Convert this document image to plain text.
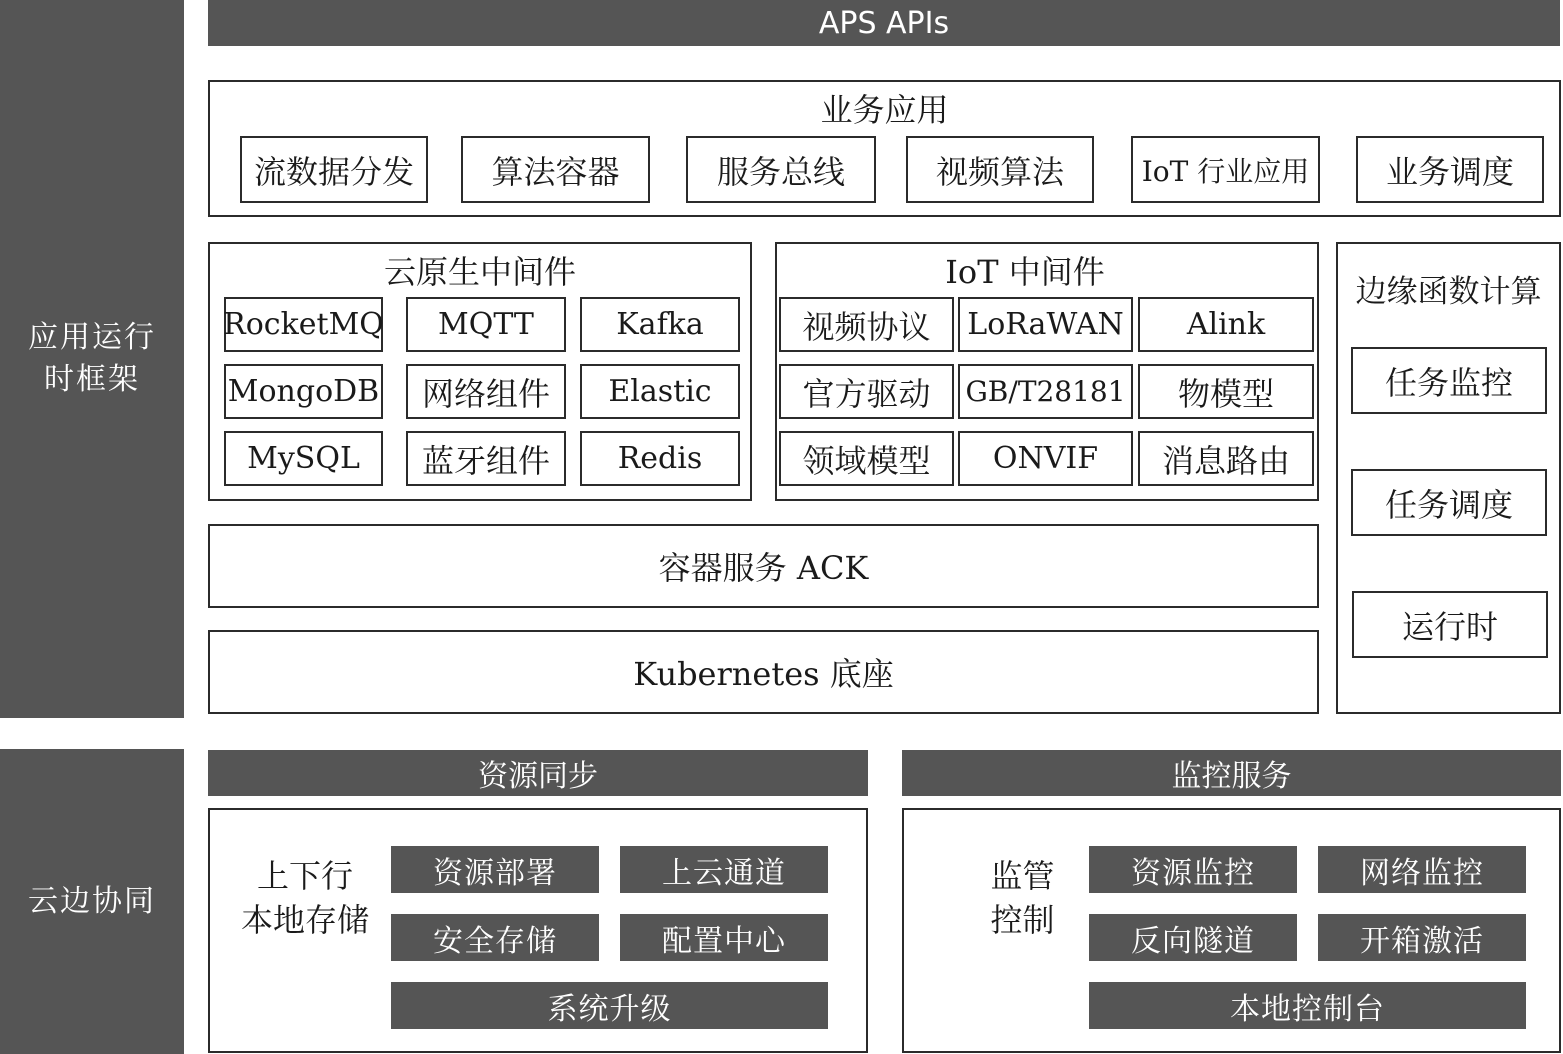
应用运行
时框架
云边协同
APS APIs
业务应用
流数据分发	算法容器	服务总线	视频算法	IoT 行业应用	业务调度
云原生中间件
RocketMQ	MQTT	Kafka
MongoDB	网络组件	Elastic
MySQL	蓝牙组件	Redis
IoT 中间件
视频协议	LoRaWAN	Alink
官方驱动	GB/T28181	物模型
领域模型	ONVIF	消息路由
边缘函数计算
任务监控
任务调度
运行时
容器服务 ACK
Kubernetes 底座
资源同步
上下行
本地存储
资源部署	上云通道
安全存储	配置中心
系统升级
监控服务
监管
控制
资源监控	网络监控
反向隧道	开箱激活
本地控制台
